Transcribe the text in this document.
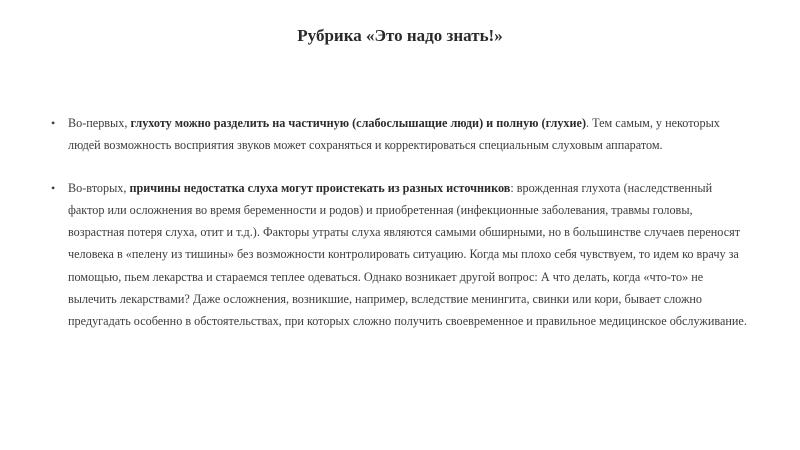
Рубрика «Это надо знать!»
• Во-первых, глухоту можно разделить на частичную (слабослышащие люди) и полную (глухие). Тем самым, у некоторых людей возможность восприятия звуков может сохраняться и корректироваться специальным слуховым аппаратом.
• Во-вторых, причины недостатка слуха могут проистекать из разных источников: врожденная глухота (наследственный фактор или осложнения во время беременности и родов) и приобретенная (инфекционные заболевания, травмы головы, возрастная потеря слуха, отит и т.д.). Факторы утраты слуха являются самыми обширными, но в большинстве случаев переносят человека в «пелену из тишины» без возможности контролировать ситуацию. Когда мы плохо себя чувствуем, то идем ко врачу за помощью, пьем лекарства и стараемся теплее одеваться. Однако возникает другой вопрос: А что делать, когда «что-то» не вылечить лекарствами? Даже осложнения, возникшие, например, вследствие менингита, свинки или кори, бывает сложно предугадать особенно в обстоятельствах, при которых сложно получить своевременное и правильное медицинское обслуживание.
